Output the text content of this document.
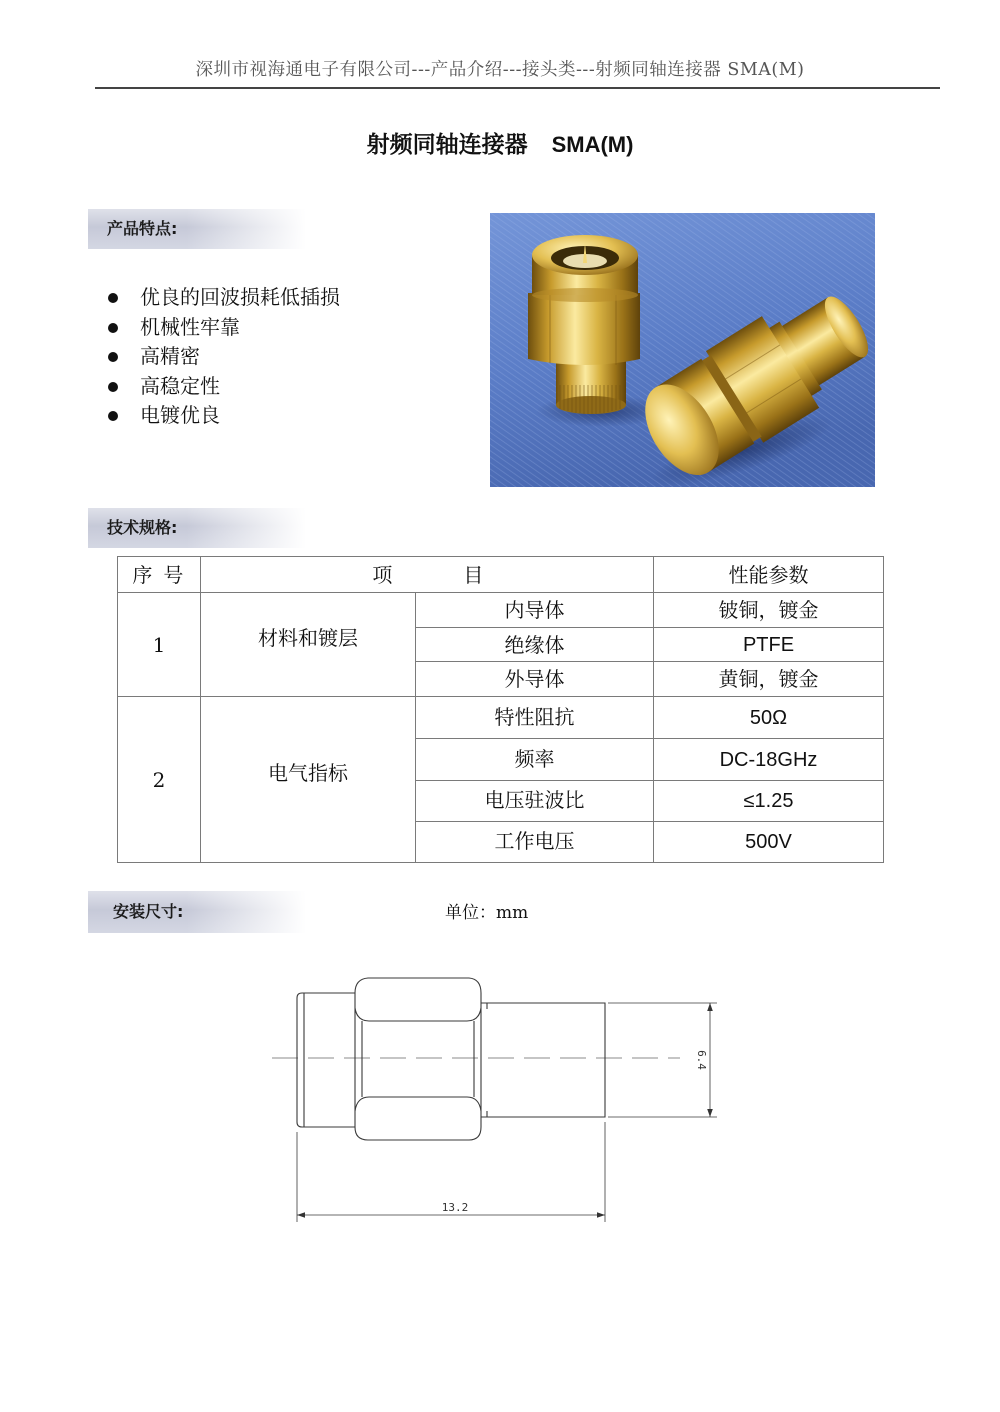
深圳市视海通电子有限公司---产品介绍---接头类---射频同轴连接器 SMA(M)
射频同轴连接器 SMA(M)
产品特点:
优良的回波损耗低插损
机械性牢靠
高精密
高稳定性
电镀优良
技术规格:
序 号	项　　　　目		性能参数
1	材料和镀层	内导体	铍铜，镀金
		绝缘体	PTFE
		外导体	黄铜，镀金
2	电气指标	特性阻抗	50Ω
		频率	DC-18GHz
		电压驻波比	≤1.25
		工作电压	500V
安装尺寸:	单位：mm
6.4
13.2
